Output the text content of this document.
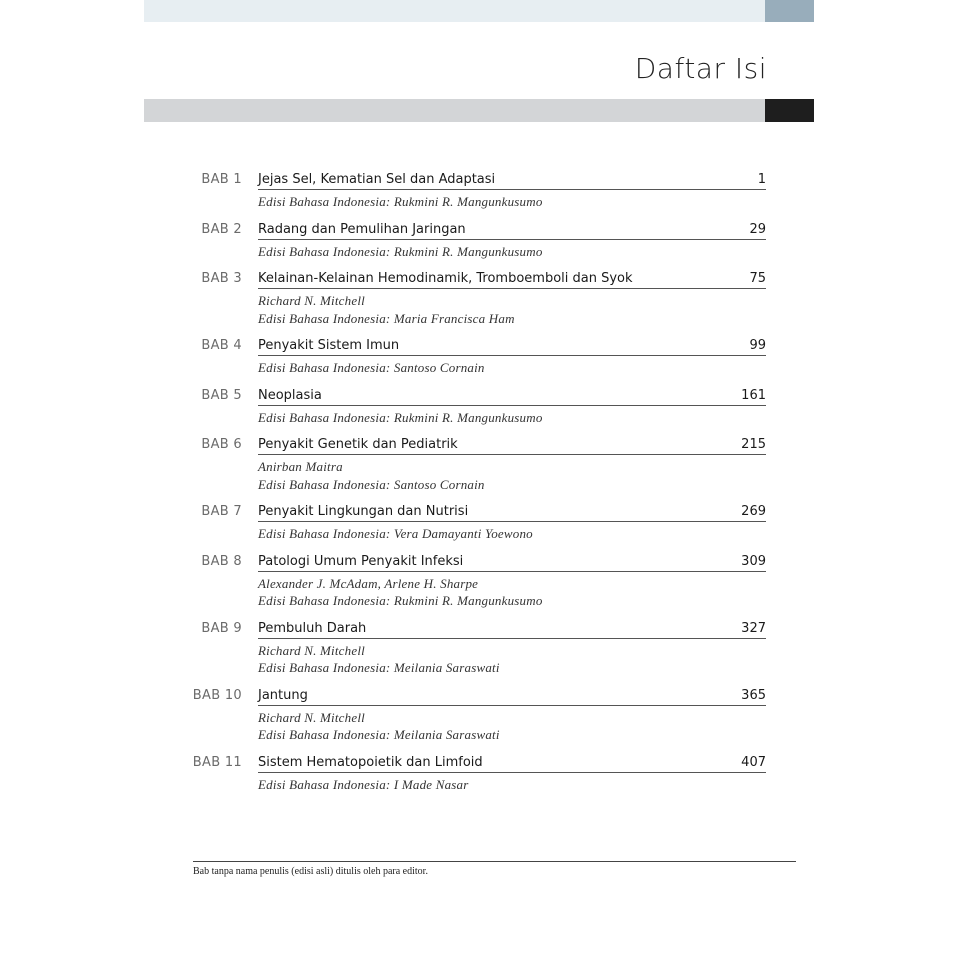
Daftar Isi
BAB 1	Jejas Sel, Kematian Sel dan Adaptasi	1
Edisi Bahasa Indonesia: Rukmini R. Mangunkusumo
BAB 2	Radang dan Pemulihan Jaringan	29
Edisi Bahasa Indonesia: Rukmini R. Mangunkusumo
BAB 3	Kelainan-Kelainan Hemodinamik, Tromboemboli dan Syok	75
Richard N. Mitchell
Edisi Bahasa Indonesia: Maria Francisca Ham
BAB 4	Penyakit Sistem Imun	99
Edisi Bahasa Indonesia: Santoso Cornain
BAB 5	Neoplasia	161
Edisi Bahasa Indonesia: Rukmini R. Mangunkusumo
BAB 6	Penyakit Genetik dan Pediatrik	215
Anirban Maitra
Edisi Bahasa Indonesia: Santoso Cornain
BAB 7	Penyakit Lingkungan dan Nutrisi	269
Edisi Bahasa Indonesia: Vera Damayanti Yoewono
BAB 8	Patologi Umum Penyakit Infeksi	309
Alexander J. McAdam, Arlene H. Sharpe
Edisi Bahasa Indonesia: Rukmini R. Mangunkusumo
BAB 9	Pembuluh Darah	327
Richard N. Mitchell
Edisi Bahasa Indonesia: Meilania Saraswati
BAB 10	Jantung	365
Richard N. Mitchell
Edisi Bahasa Indonesia: Meilania Saraswati
BAB 11	Sistem Hematopoietik dan Limfoid	407
Edisi Bahasa Indonesia: I Made Nasar
Bab tanpa nama penulis (edisi asli) ditulis oleh para editor.
